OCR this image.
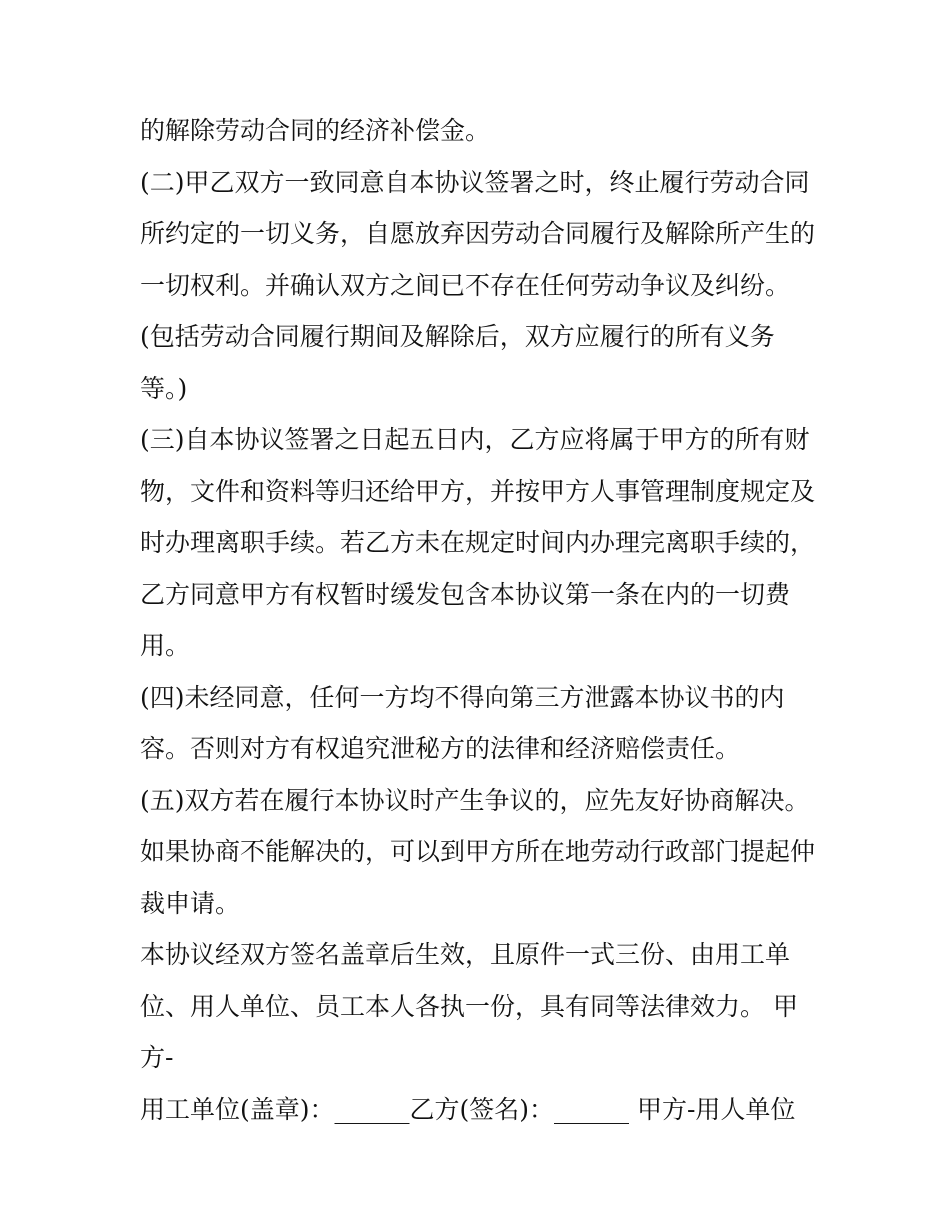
的解除劳动合同的经济补偿金。

(二)甲乙双方一致同意自本协议签署之时，终止履行劳动合同

所约定的一切义务，自愿放弃因劳动合同履行及解除所产生的

一切权利。并确认双方之间已不存在任何劳动争议及纠纷。

(包括劳动合同履行期间及解除后，双方应履行的所有义务

等。)

(三)自本协议签署之日起五日内，乙方应将属于甲方的所有财

物，文件和资料等归还给甲方，并按甲方人事管理制度规定及

时办理离职手续。若乙方未在规定时间内办理完离职手续的，

乙方同意甲方有权暂时缓发包含本协议第一条在内的一切费

用。

(四)未经同意，任何一方均不得向第三方泄露本协议书的内

容。否则对方有权追究泄秘方的法律和经济赔偿责任。

(五)双方若在履行本协议时产生争议的，应先友好协商解决。

如果协商不能解决的，可以到甲方所在地劳动行政部门提起仲

裁申请。

本协议经双方签名盖章后生效，且原件一式三份、由用工单

位、用人单位、员工本人各执一份，具有同等法律效力。 甲

方-

用工单位(盖章)：______乙方(签名)：______ 甲方-用人单位
